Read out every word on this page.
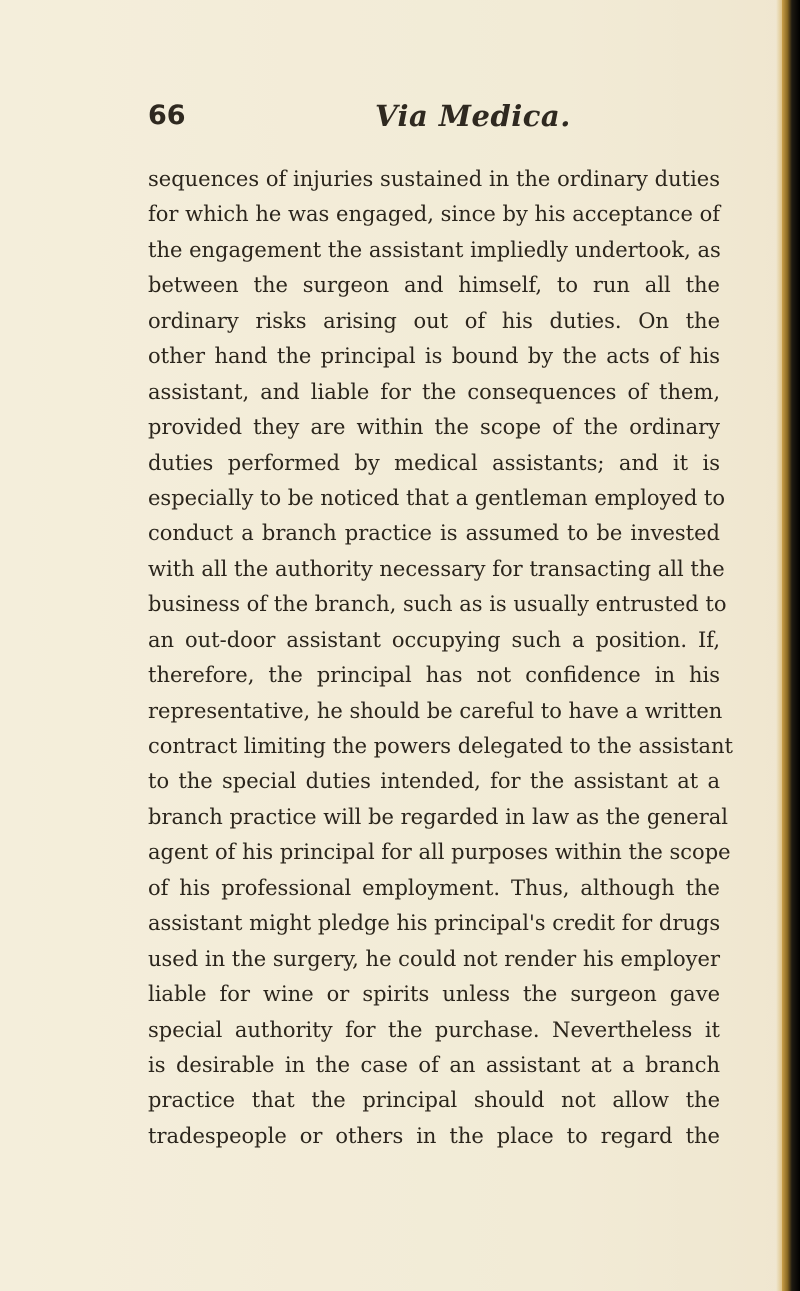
66	Via Medica.
sequences of injuries sustained in the ordinary duties
for which he was engaged, since by his acceptance of
the engagement the assistant impliedly undertook, as
between the surgeon and himself, to run all the
ordinary risks arising out of his duties. On the
other hand the principal is bound by the acts of his
assistant, and liable for the consequences of them,
provided they are within the scope of the ordinary
duties performed by medical assistants; and it is
especially to be noticed that a gentleman employed to
conduct a branch practice is assumed to be invested
with all the authority necessary for transacting all the
business of the branch, such as is usually entrusted to
an out-door assistant occupying such a position. If,
therefore, the principal has not confidence in his
representative, he should be careful to have a written
contract limiting the powers delegated to the assistant
to the special duties intended, for the assistant at a
branch practice will be regarded in law as the general
agent of his principal for all purposes within the scope
of his professional employment. Thus, although the
assistant might pledge his principal's credit for drugs
used in the surgery, he could not render his employer
liable for wine or spirits unless the surgeon gave
special authority for the purchase. Nevertheless it
is desirable in the case of an assistant at a branch
practice that the principal should not allow the
tradespeople or others in the place to regard the
